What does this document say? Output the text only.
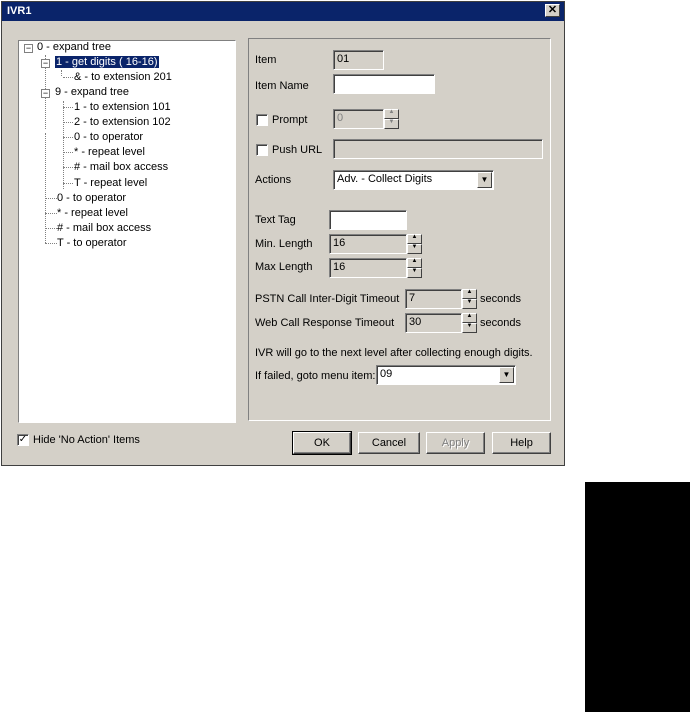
IVR1	✕
−
−
−
0 - expand tree
1 - get digits ( 16-16)
& - to extension 201
9 - expand tree
1 - to extension 101
2 - to extension 102
0 - to operator
* - repeat level
# - mail box access
T - repeat level
0 - to operator
* - repeat level
# - mail box access
T - to operator
Item	01
Item Name
Prompt	0	▲
▼
Push URL
Actions	Adv. - Collect Digits	▼
Text Tag
Min. Length	16	▲
▼
Max Length	16	▲
▼
PSTN Call Inter-Digit Timeout 7	▲
▼ seconds
Web Call Response Timeout	30	▲
▼ seconds
IVR will go to the next level after collecting enough digits.
If failed, goto menu item: 09	▼
✓ Hide 'No Action' Items	OK	Cancel	Apply	Help
